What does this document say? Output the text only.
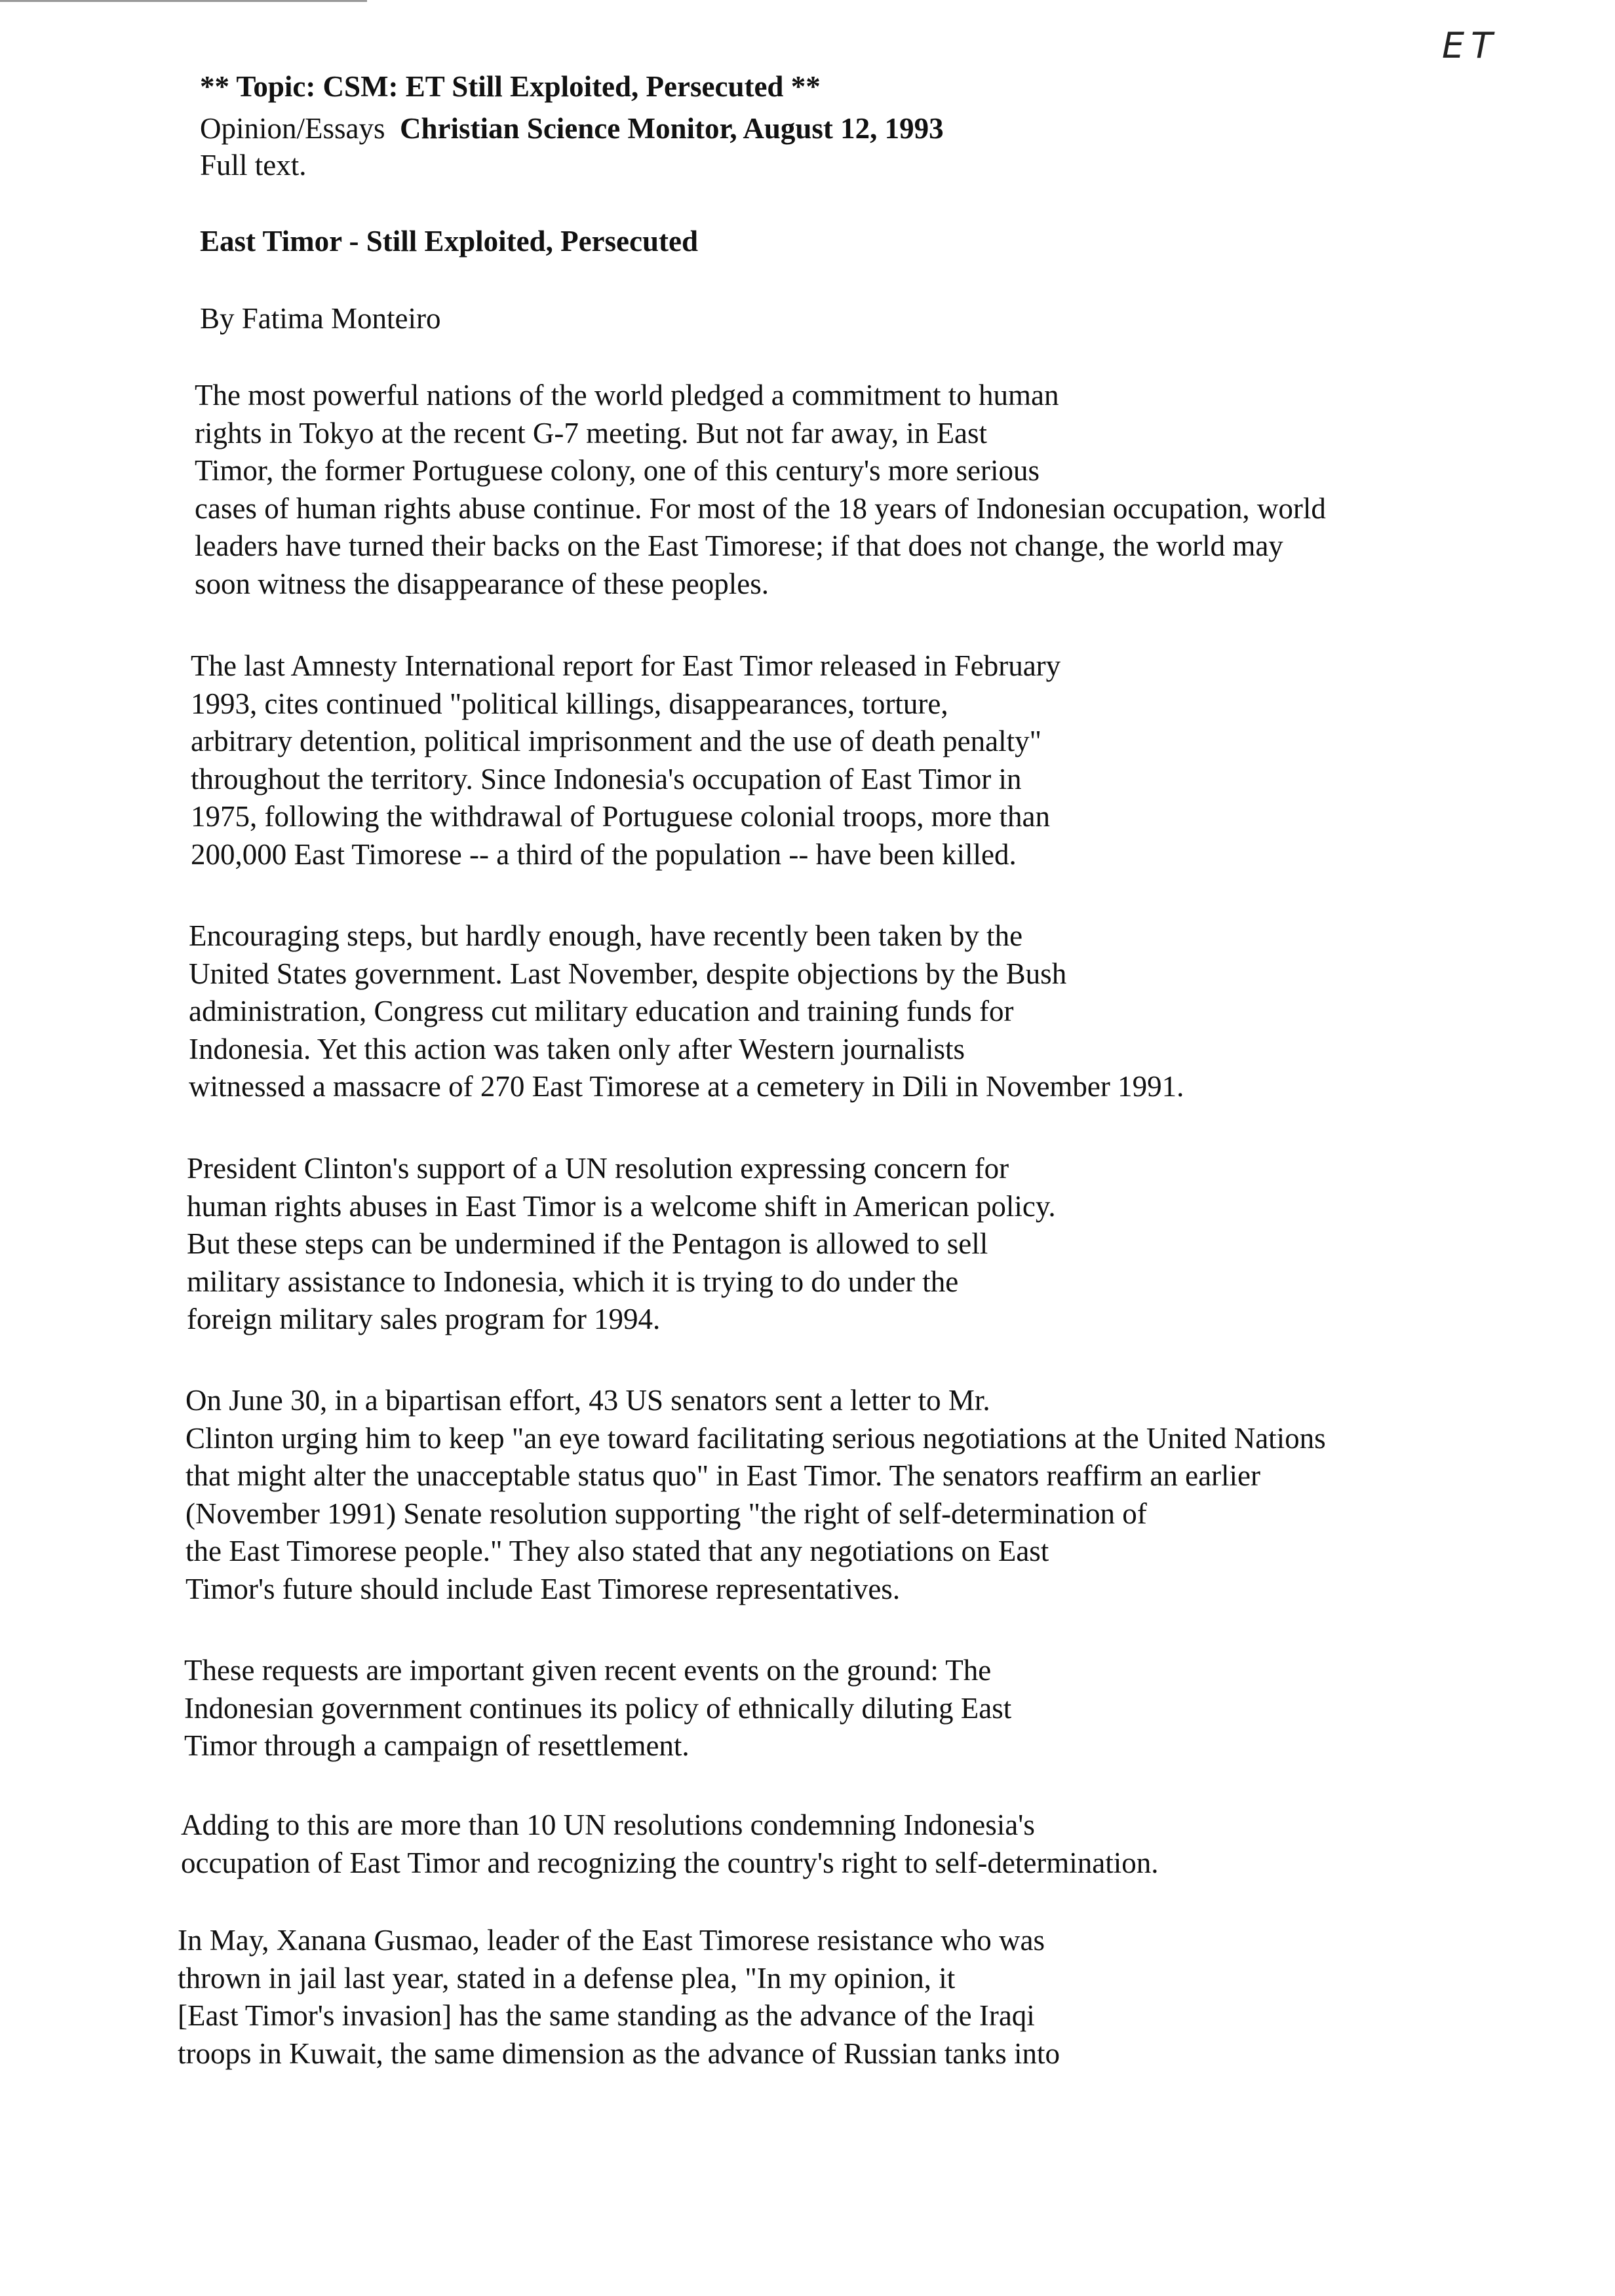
ET

** Topic: CSM: ET Still Exploited, Persecuted **

Opinion/Essays Christian Science Monitor, August 12, 1993

Full text.

East Timor - Still Exploited, Persecuted

By Fatima Monteiro

The most powerful nations of the world pledged a commitment to human

rights in Tokyo at the recent G-7 meeting. But not far away, in East

Timor, the former Portuguese colony, one of this century's more serious

cases of human rights abuse continue. For most of the 18 years of Indonesian occupation, world

leaders have turned their backs on the East Timorese; if that does not change, the world may

soon witness the disappearance of these peoples.

The last Amnesty International report for East Timor released in February

1993, cites continued "political killings, disappearances, torture,

arbitrary detention, political imprisonment and the use of death penalty"

throughout the territory. Since Indonesia's occupation of East Timor in

1975, following the withdrawal of Portuguese colonial troops, more than

200,000 East Timorese -- a third of the population -- have been killed.

Encouraging steps, but hardly enough, have recently been taken by the

United States government. Last November, despite objections by the Bush

administration, Congress cut military education and training funds for

Indonesia. Yet this action was taken only after Western journalists

witnessed a massacre of 270 East Timorese at a cemetery in Dili in November 1991.

President Clinton's support of a UN resolution expressing concern for

human rights abuses in East Timor is a welcome shift in American policy.

But these steps can be undermined if the Pentagon is allowed to sell

military assistance to Indonesia, which it is trying to do under the

foreign military sales program for 1994.

On June 30, in a bipartisan effort, 43 US senators sent a letter to Mr.

Clinton urging him to keep "an eye toward facilitating serious negotiations at the United Nations

that might alter the unacceptable status quo" in East Timor. The senators reaffirm an earlier

(November 1991) Senate resolution supporting "the right of self-determination of

the East Timorese people." They also stated that any negotiations on East

Timor's future should include East Timorese representatives.

These requests are important given recent events on the ground: The

Indonesian government continues its policy of ethnically diluting East

Timor through a campaign of resettlement.

Adding to this are more than 10 UN resolutions condemning Indonesia's

occupation of East Timor and recognizing the country's right to self-determination.

In May, Xanana Gusmao, leader of the East Timorese resistance who was

thrown in jail last year, stated in a defense plea, "In my opinion, it

[East Timor's invasion] has the same standing as the advance of the Iraqi

troops in Kuwait, the same dimension as the advance of Russian tanks into
